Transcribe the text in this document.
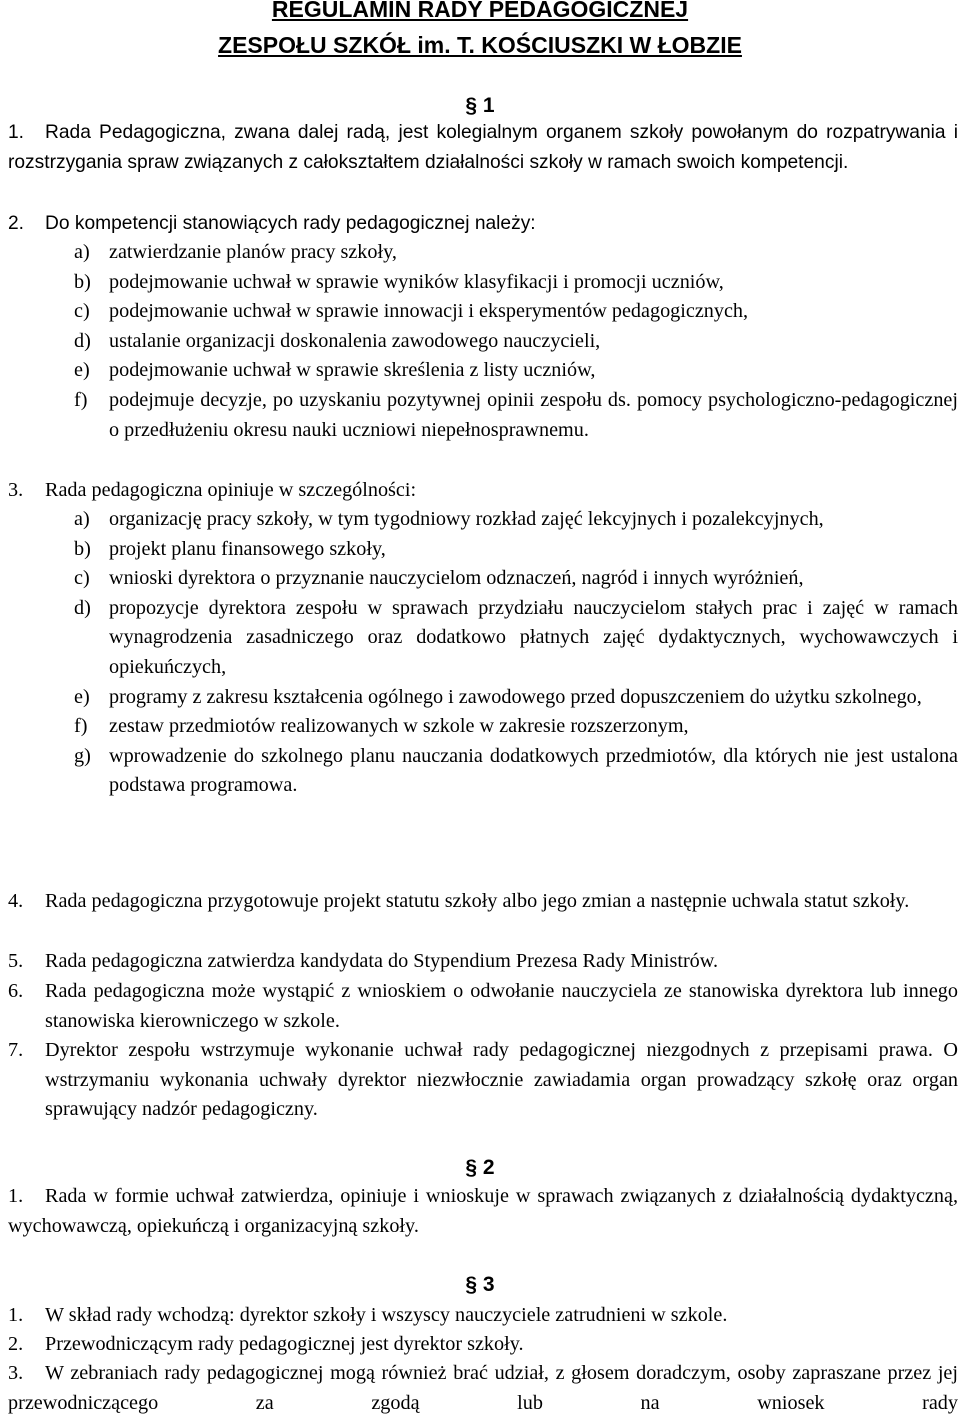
REGULAMIN RADY PEDAGOGICZNEJ
ZESPOŁU SZKÓŁ im. T. KOŚCIUSZKI W ŁOBZIE
§ 1
1.	Rada Pedagogiczna, zwana dalej radą, jest kolegialnym organem szkoły powołanym do rozpatrywania i rozstrzygania spraw związanych z całokształtem działalności szkoły w ramach swoich kompetencji.
2. Do kompetencji stanowiących rady pedagogicznej należy:
a) zatwierdzanie planów pracy szkoły,
b) podejmowanie uchwał w sprawie wyników klasyfikacji i promocji uczniów,
c) podejmowanie uchwał w sprawie innowacji i eksperymentów pedagogicznych,
d) ustalanie organizacji doskonalenia zawodowego nauczycieli,
e) podejmowanie uchwał w sprawie skreślenia z listy uczniów,
f) podejmuje decyzje, po uzyskaniu pozytywnej opinii zespołu ds. pomocy psychologiczno-pedagogicznej o przedłużeniu okresu nauki uczniowi niepełnosprawnemu.
3. Rada pedagogiczna opiniuje w szczególności:
a) organizację pracy szkoły, w tym tygodniowy rozkład zajęć lekcyjnych i pozalekcyjnych,
b) projekt planu finansowego szkoły,
c) wnioski dyrektora o przyznanie nauczycielom odznaczeń, nagród i innych wyróżnień,
d) propozycje dyrektora zespołu w sprawach przydziału nauczycielom stałych prac i zajęć w ramach wynagrodzenia zasadniczego oraz dodatkowo płatnych zajęć dydaktycznych, wychowawczych i opiekuńczych,
e) programy z zakresu kształcenia ogólnego i zawodowego przed dopuszczeniem do użytku szkolnego,
f) zestaw przedmiotów realizowanych w szkole w zakresie rozszerzonym,
g) wprowadzenie do szkolnego planu nauczania dodatkowych przedmiotów, dla których nie jest ustalona podstawa programowa.
4. Rada pedagogiczna przygotowuje projekt statutu szkoły albo jego zmian a następnie uchwala statut szkoły.
5. Rada pedagogiczna zatwierdza kandydata do Stypendium Prezesa Rady Ministrów.
6. Rada pedagogiczna może wystąpić z wnioskiem o odwołanie nauczyciela ze stanowiska dyrektora lub innego stanowiska kierowniczego w szkole.
7. Dyrektor zespołu wstrzymuje wykonanie uchwał rady pedagogicznej niezgodnych z przepisami prawa. O wstrzymaniu wykonania uchwały dyrektor niezwłocznie zawiadamia organ prowadzący szkołę oraz organ sprawujący nadzór pedagogiczny.
§ 2
1.	Rada w formie uchwał zatwierdza, opiniuje i wnioskuje w sprawach związanych z działalnością dydaktyczną, wychowawczą, opiekuńczą i organizacyjną szkoły.
§ 3
1. W skład rady wchodzą: dyrektor szkoły i wszyscy nauczyciele zatrudnieni w szkole.
2. Przewodniczącym rady pedagogicznej jest dyrektor szkoły.
3.	W zebraniach rady pedagogicznej mogą również brać udział, z głosem doradczym, osoby zapraszane przez jej przewodniczącego za zgodą lub na wniosek rady
